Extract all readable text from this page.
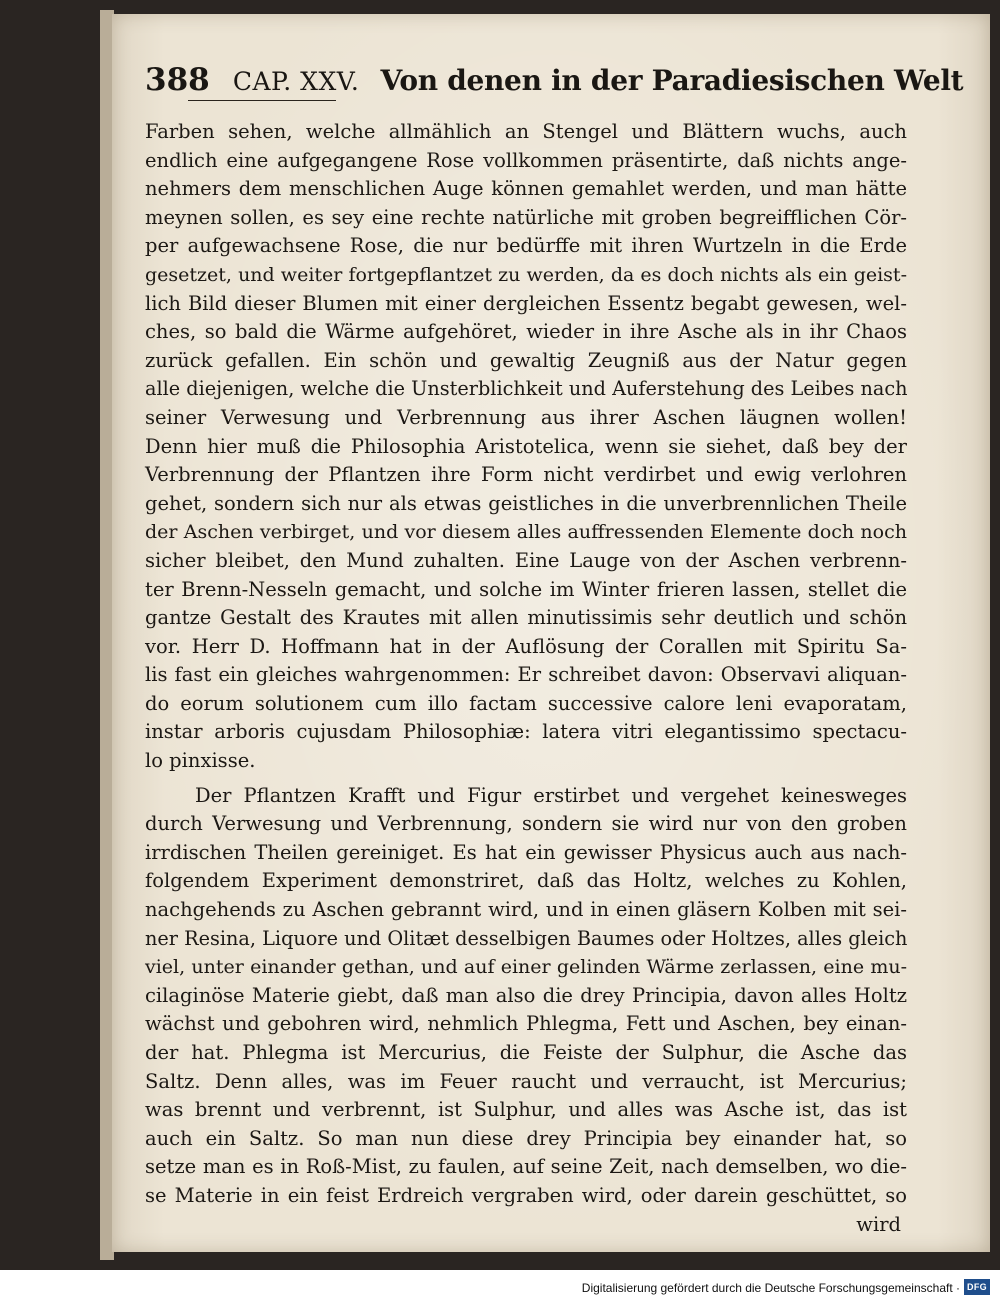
388 CAP. XXV. Von denen in der Paradiesischen Welt
Farben sehen, welche allmählich an Stengel und Blättern wuchs, auch
endlich eine aufgegangene Rose vollkommen präsentirte, daß nichts ange-
nehmers dem menschlichen Auge können gemahlet werden, und man hätte
meynen sollen, es sey eine rechte natürliche mit groben begreifflichen Cör-
per aufgewachsene Rose, die nur bedürffe mit ihren Wurtzeln in die Erde
gesetzet, und weiter fortgepflantzet zu werden, da es doch nichts als ein geist-
lich Bild dieser Blumen mit einer dergleichen Essentz begabt gewesen, wel-
ches, so bald die Wärme aufgehöret, wieder in ihre Asche als in ihr Chaos
zurück gefallen. Ein schön und gewaltig Zeugniß aus der Natur gegen
alle diejenigen, welche die Unsterblichkeit und Auferstehung des Leibes nach
seiner Verwesung und Verbrennung aus ihrer Aschen läugnen wollen!
Denn hier muß die Philosophia Aristotelica, wenn sie siehet, daß bey der
Verbrennung der Pflantzen ihre Form nicht verdirbet und ewig verlohren
gehet, sondern sich nur als etwas geistliches in die unverbrennlichen Theile
der Aschen verbirget, und vor diesem alles auffressenden Elemente doch noch
sicher bleibet, den Mund zuhalten. Eine Lauge von der Aschen verbrenn-
ter Brenn-Nesseln gemacht, und solche im Winter frieren lassen, stellet die
gantze Gestalt des Krautes mit allen minutissimis sehr deutlich und schön
vor. Herr D. Hoffmann hat in der Auflösung der Corallen mit Spiritu Sa-
lis fast ein gleiches wahrgenommen: Er schreibet davon: Observavi aliquan-
do eorum solutionem cum illo factam successive calore leni evaporatam,
instar arboris cujusdam Philosophiæ: latera vitri elegantissimo spectacu-
lo pinxisse.
Der Pflantzen Krafft und Figur erstirbet und vergehet keinesweges
durch Verwesung und Verbrennung, sondern sie wird nur von den groben
irrdischen Theilen gereiniget. Es hat ein gewisser Physicus auch aus nach-
folgendem Experiment demonstriret, daß das Holtz, welches zu Kohlen,
nachgehends zu Aschen gebrannt wird, und in einen gläsern Kolben mit sei-
ner Resina, Liquore und Olitæt desselbigen Baumes oder Holtzes, alles gleich
viel, unter einander gethan, und auf einer gelinden Wärme zerlassen, eine mu-
cilaginöse Materie giebt, daß man also die drey Principia, davon alles Holtz
wächst und gebohren wird, nehmlich Phlegma, Fett und Aschen, bey einan-
der hat. Phlegma ist Mercurius, die Feiste der Sulphur, die Asche das
Saltz. Denn alles, was im Feuer raucht und verraucht, ist Mercurius;
was brennt und verbrennt, ist Sulphur, und alles was Asche ist, das ist
auch ein Saltz. So man nun diese drey Principia bey einander hat, so
setze man es in Roß-Mist, zu faulen, auf seine Zeit, nach demselben, wo die-
se Materie in ein feist Erdreich vergraben wird, oder darein geschüttet, so
wird
Digitalisierung gefördert durch die Deutsche Forschungsgemeinschaft · DFG
